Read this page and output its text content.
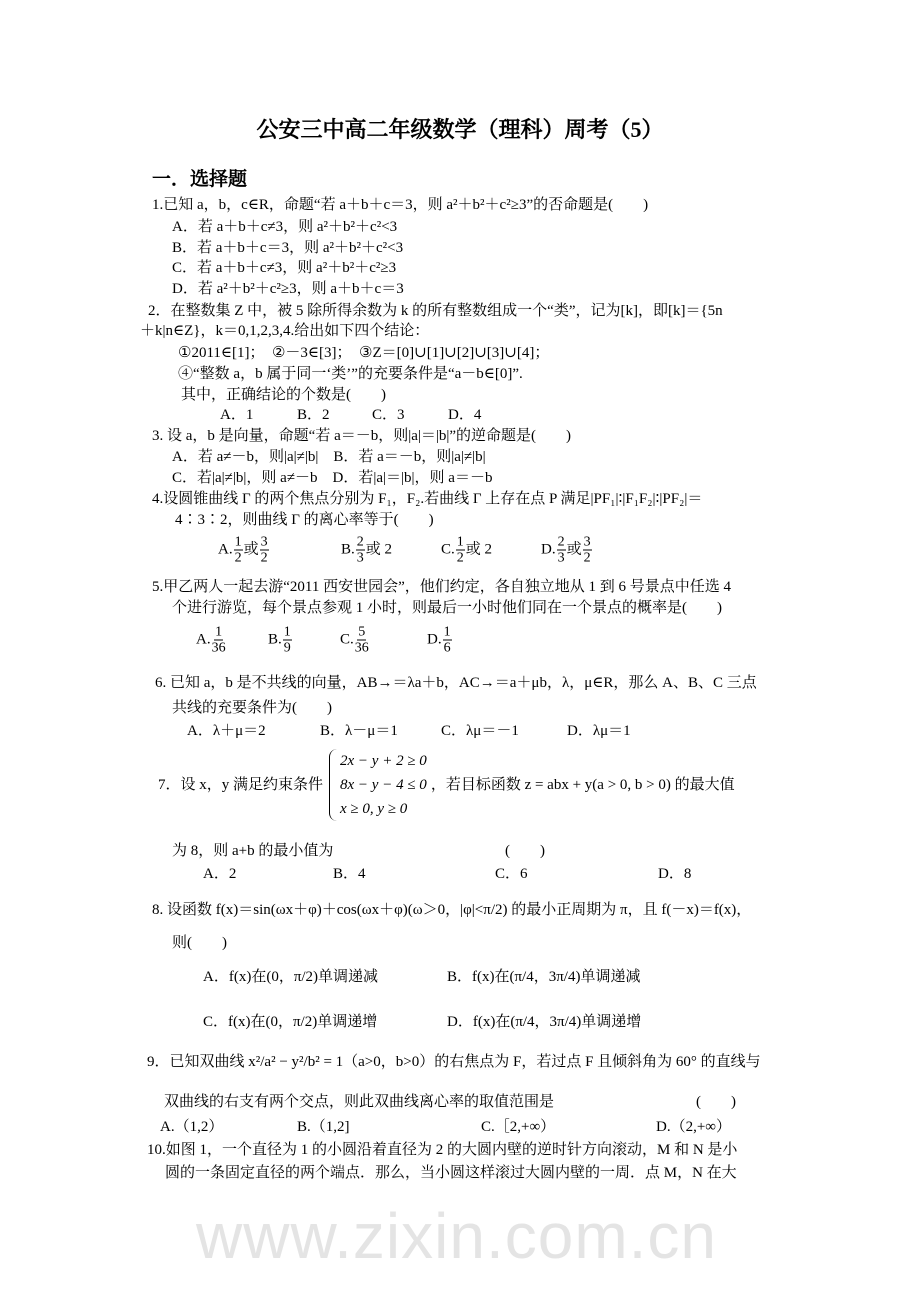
www.zixin.com.cn
公安三中高二年级数学（理科）周考（5）
一．选择题
1.已知 a，b，c∈R，命题“若 a＋b＋c＝3，则 a²＋b²＋c²≥3”的否命题是(　　)
A．若 a＋b＋c≠3，则 a²＋b²＋c²<3
B．若 a＋b＋c＝3，则 a²＋b²＋c²<3
C．若 a＋b＋c≠3，则 a²＋b²＋c²≥3
D．若 a²＋b²＋c²≥3，则 a＋b＋c＝3
2．在整数集 Z 中，被 5 除所得余数为 k 的所有整数组成一个“类”，记为[k]，即[k]＝{5n
＋k|n∈Z}，k＝0,1,2,3,4.给出如下四个结论：
①2011∈[1]；　②－3∈[3]；　③Z＝[0]∪[1]∪[2]∪[3]∪[4]；
④“整数 a，b 属于同一‘类’”的充要条件是“a－b∈[0]”.
其中，正确结论的个数是(　　)
A．1	B．2	C．3	D．4
3. 设 a，b 是向量，命题“若 a＝－b，则|a|＝|b|”的逆命题是(　　)
A．若 a≠－b，则|a|≠|b|　B．若 a＝－b，则|a|≠|b|
C．若|a|≠|b|，则 a≠－b　D．若|a|＝|b|，则 a＝－b
4.设圆锥曲线 Γ 的两个焦点分别为 F₁，F₂.若曲线 Γ 上存在点 P 满足|PF₁|∶|F₁F₂|∶|PF₂|＝
4∶3∶2，则曲线 Γ 的离心率等于(　　)
A. $\frac{1}{2}$ 或 $\frac{3}{2}$	B. $\frac{2}{3}$ 或 2	C. $\frac{1}{2}$ 或 2	D. $\frac{2}{3}$ 或 $\frac{3}{2}$
5.甲乙两人一起去游“2011 西安世园会”，他们约定，各自独立地从 1 到 6 号景点中任选 4
个进行游览，每个景点参观 1 小时，则最后一小时他们同在一个景点的概率是(　　)
A. $\frac{1}{36}$	B. $\frac{1}{9}$	C. $\frac{5}{36}$	D. $\frac{1}{6}$
6. 已知 a，b 是不共线的向量，AB→＝λa＋b，AC→＝a＋μb，λ，μ∈R，那么 A、B、C 三点
共线的充要条件为(　　)
A．λ＋μ＝2	B．λ－μ＝1	C．λμ＝－1	D．λμ＝1
7．设 x，y 满足约束条件
2x − y + 2 ≥ 0
8x − y − 4 ≤ 0
x ≥ 0, y ≥ 0
，若目标函数 z = abx + y(a > 0, b > 0) 的最大值
为 8，则 a+b 的最小值为	(　　)
A．2	B．4	C．6	D．8
8. 设函数 f(x)＝sin(ωx＋φ)＋cos(ωx＋φ)(ω＞0，|φ|<π/2) 的最小正周期为 π，且 f(－x)＝f(x)，
则(　　)
A．f(x)在(0，π/2)单调递减	B．f(x)在(π/4，3π/4)单调递减
C．f(x)在(0，π/2)单调递增	D．f(x)在(π/4，3π/4)单调递增
9．已知双曲线 x²/a² − y²/b² = 1（a>0，b>0）的右焦点为 F，若过点 F 且倾斜角为 60° 的直线与
双曲线的右支有两个交点，则此双曲线离心率的取值范围是	(　　)
A.（1,2）	B.（1,2]	C.［2,+∞）	D.（2,+∞）
10.如图 1，一个直径为 1 的小圆沿着直径为 2 的大圆内壁的逆时针方向滚动，M 和 N 是小
圆的一条固定直径的两个端点．那么，当小圆这样滚过大圆内壁的一周．点 M，N 在大
